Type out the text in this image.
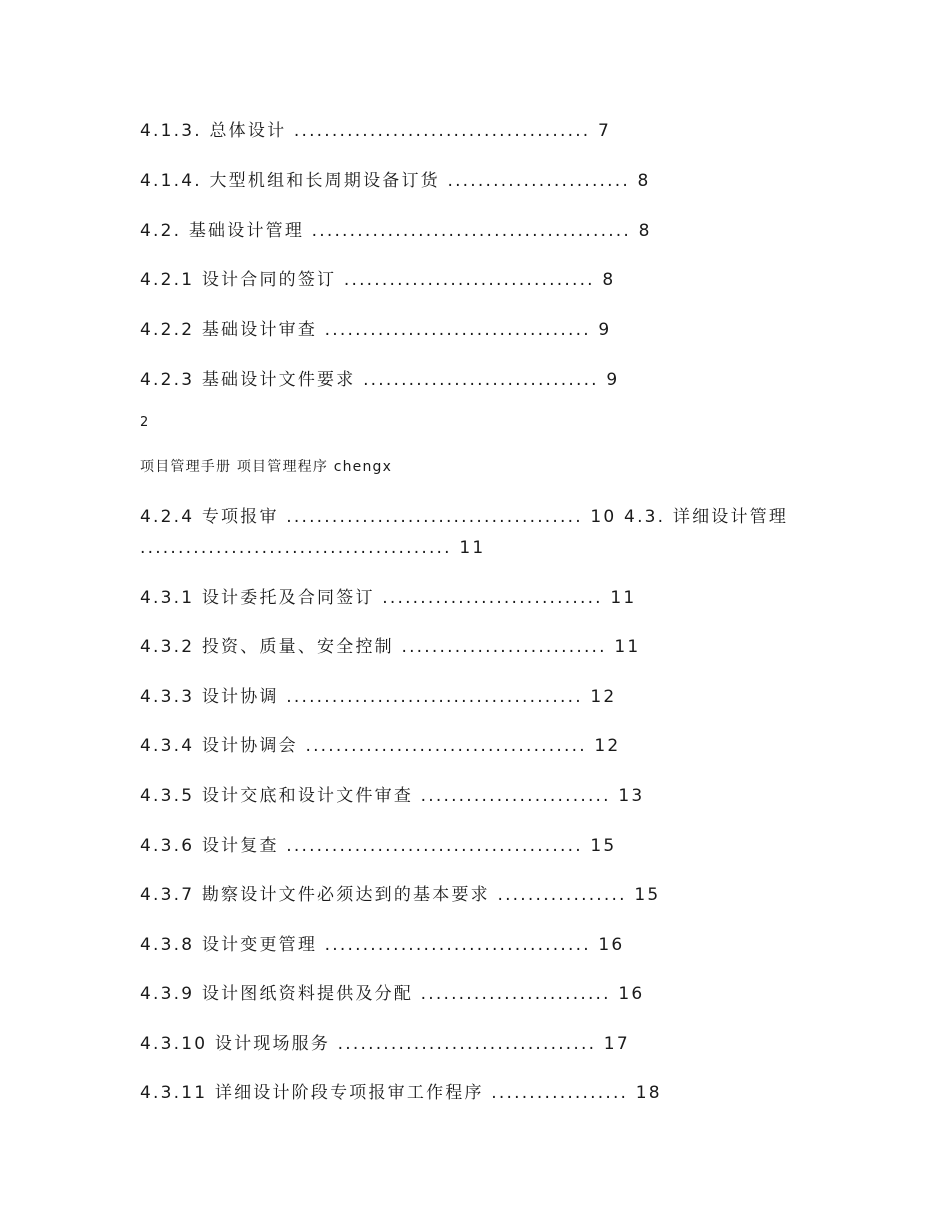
4.1.3. 总体设计 ....................................... 7
4.1.4. 大型机组和长周期设备订货 ........................ 8
4.2. 基础设计管理 .......................................... 8
4.2.1 设计合同的签订 ................................. 8
4.2.2 基础设计审查 ................................... 9
4.2.3 基础设计文件要求 ............................... 9
2
项目管理手册 项目管理程序 chengx
4.2.4 专项报审 ....................................... 10 4.3. 详细设计管理
......................................... 11
4.3.1 设计委托及合同签订 ............................. 11
4.3.2 投资、质量、安全控制 ........................... 11
4.3.3 设计协调 ....................................... 12
4.3.4 设计协调会 ..................................... 12
4.3.5 设计交底和设计文件审查 ......................... 13
4.3.6 设计复查 ....................................... 15
4.3.7 勘察设计文件必须达到的基本要求 ................. 15
4.3.8 设计变更管理 ................................... 16
4.3.9 设计图纸资料提供及分配 ......................... 16
4.3.10 设计现场服务 .................................. 17
4.3.11 详细设计阶段专项报审工作程序 .................. 18
